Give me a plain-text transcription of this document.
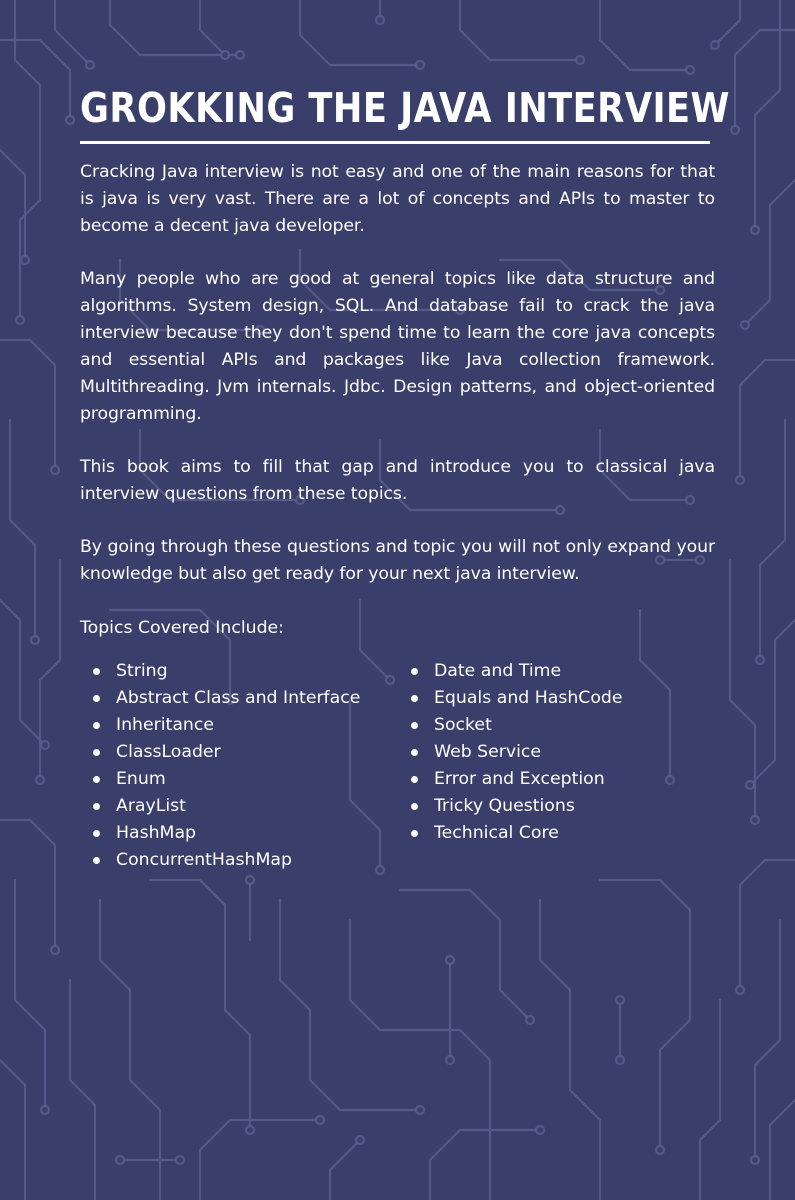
GROKKING THE JAVA INTERVIEW

Cracking Java interview is not easy and one of the main reasons for that is java is very vast. There are a lot of concepts and APIs to master to become a decent java developer.

Many people who are good at general topics like data structure and algorithms. System design, SQL. And database fail to crack the java interview because they don't spend time to learn the core java concepts and essential APIs and packages like Java collection framework. Multithreading. Jvm internals. Jdbc. Design patterns, and object-oriented programming.

This book aims to fill that gap and introduce you to classical java interview questions from these topics.

By going through these questions and topic you will not only expand your knowledge but also get ready for your next java interview.

Topics Covered Include:

String
Abstract Class and Interface
Inheritance
ClassLoader
Enum
ArayList
HashMap
ConcurrentHashMap
Date and Time
Equals and HashCode
Socket
Web Service
Error and Exception
Tricky Questions
Technical Core
